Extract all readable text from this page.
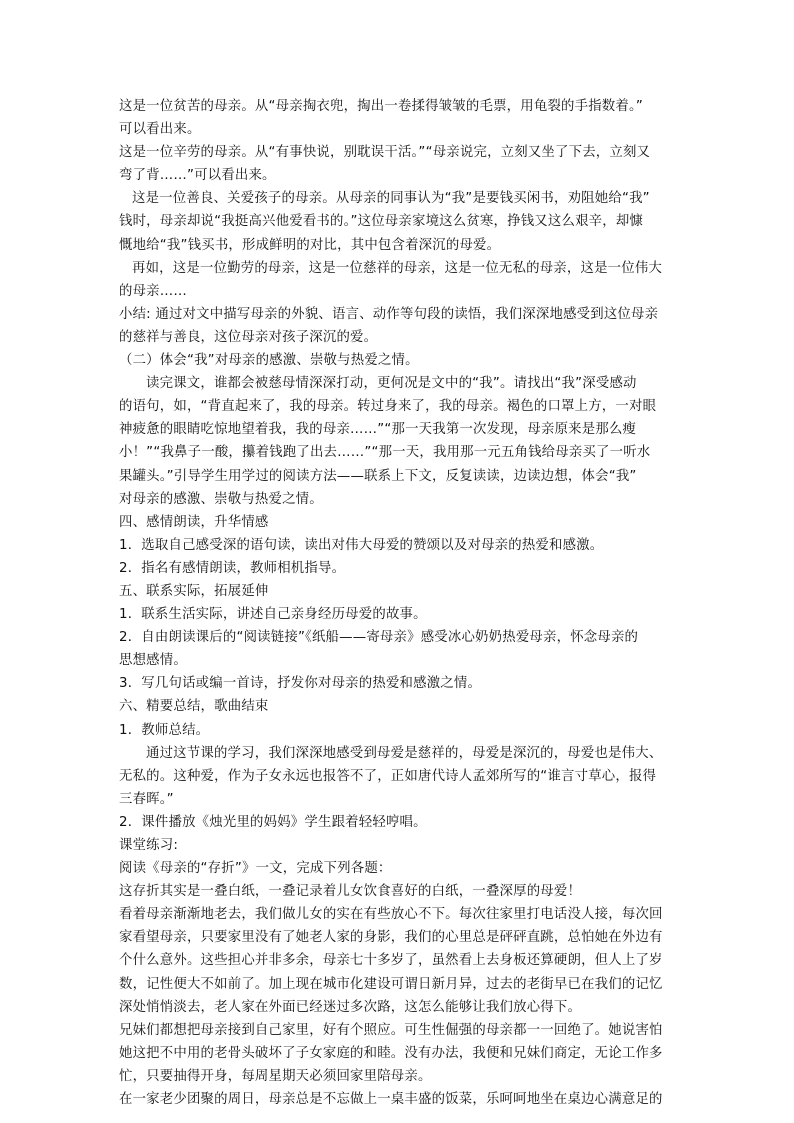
这是一位贫苦的母亲。从“母亲掏衣兜，掏出一卷揉得皱皱的毛票，用龟裂的手指数着。”
可以看出来。
这是一位辛劳的母亲。从“有事快说，别耽误干活。”“母亲说完，立刻又坐了下去，立刻又
弯了背……”可以看出来。
这是一位善良、关爱孩子的母亲。从母亲的同事认为“我”是要钱买闲书，劝阻她给“我”
钱时，母亲却说“我挺高兴他爱看书的。”这位母亲家境这么贫寒，挣钱又这么艰辛，却慷
慨地给“我”钱买书，形成鲜明的对比，其中包含着深沉的母爱。
再如，这是一位勤劳的母亲，这是一位慈祥的母亲，这是一位无私的母亲，这是一位伟大
的母亲……
小结: 通过对文中描写母亲的外貌、语言、动作等句段的读悟，我们深深地感受到这位母亲
的慈祥与善良，这位母亲对孩子深沉的爱。
（二）体会“我”对母亲的感激、崇敬与热爱之情。
读完课文，谁都会被慈母情深深打动，更何况是文中的“我”。请找出“我”深受感动
的语句，如，“背直起来了，我的母亲。转过身来了，我的母亲。褐色的口罩上方，一对眼
神疲惫的眼睛吃惊地望着我，我的母亲……”“那一天我第一次发现，母亲原来是那么瘦
小！”“我鼻子一酸，攥着钱跑了出去……”“那一天，我用那一元五角钱给母亲买了一听水
果罐头。”引导学生用学过的阅读方法——联系上下文，反复读读，边读边想，体会“我”
对母亲的感激、崇敬与热爱之情。
四、感情朗读，升华情感
1．选取自己感受深的语句读，读出对伟大母爱的赞颂以及对母亲的热爱和感激。
2．指名有感情朗读，教师相机指导。
五、联系实际，拓展延伸
1．联系生活实际，讲述自己亲身经历母爱的故事。
2．自由朗读课后的“阅读链接”《纸船——寄母亲》感受冰心奶奶热爱母亲，怀念母亲的
思想感情。
3．写几句话或编一首诗，抒发你对母亲的热爱和感激之情。
六、精要总结，歌曲结束
1．教师总结。
通过这节课的学习，我们深深地感受到母爱是慈祥的，母爱是深沉的，母爱也是伟大、
无私的。这种爱，作为子女永远也报答不了，正如唐代诗人孟郊所写的“谁言寸草心，报得
三春晖。”
2．课件播放《烛光里的妈妈》学生跟着轻轻哼唱。
课堂练习:
阅读《母亲的“存折”》一文，完成下列各题：
这存折其实是一叠白纸，一叠记录着儿女饮食喜好的白纸，一叠深厚的母爱！
看着母亲渐渐地老去，我们做儿女的实在有些放心不下。每次往家里打电话没人接，每次回
家看望母亲，只要家里没有了她老人家的身影，我们的心里总是砰砰直跳，总怕她在外边有
个什么意外。这些担心并非多余，母亲七十多岁了，虽然看上去身板还算硬朗，但人上了岁
数，记性便大不如前了。加上现在城市化建设可谓日新月异，过去的老街早已在我们的记忆
深处悄悄淡去，老人家在外面已经迷过多次路，这怎么能够让我们放心得下。
兄妹们都想把母亲接到自己家里，好有个照应。可生性倔强的母亲都一一回绝了。她说害怕
她这把不中用的老骨头破坏了子女家庭的和睦。没有办法，我便和兄妹们商定，无论工作多
忙，只要抽得开身，每周星期天必须回家里陪母亲。
在一家老少团聚的周日，母亲总是不忘做上一桌丰盛的饭菜，乐呵呵地坐在桌边心满意足的
